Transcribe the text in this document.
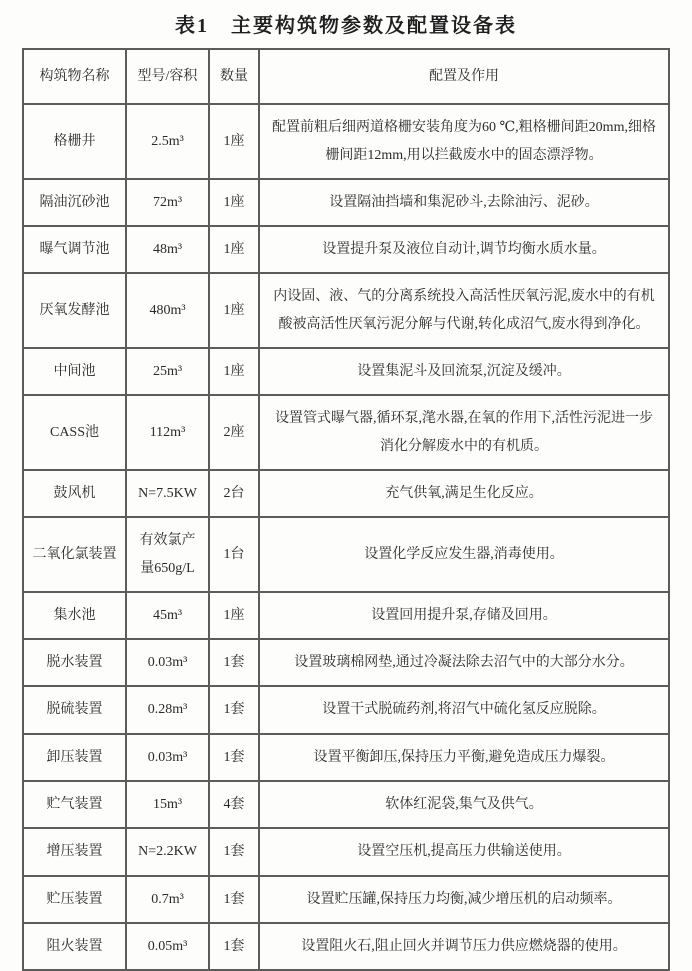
表1　主要构筑物参数及配置设备表
构筑物名称	型号/容积	数量	配置及作用
格栅井	2.5m³	1座	配置前粗后细两道格栅安装角度为60 ℃,粗格栅间距20mm,细格栅间距12mm,用以拦截废水中的固态漂浮物。
隔油沉砂池	72m³	1座	设置隔油挡墙和集泥砂斗,去除油污、泥砂。
曝气调节池	48m³	1座	设置提升泵及液位自动计,调节均衡水质水量。
厌氧发酵池	480m³	1座	内设固、液、气的分离系统投入高活性厌氧污泥,废水中的有机酸被高活性厌氧污泥分解与代谢,转化成沼气,废水得到净化。
中间池	25m³	1座	设置集泥斗及回流泵,沉淀及缓冲。
CASS池	112m³	2座	设置管式曝气器,循环泵,滗水器,在氧的作用下,活性污泥进一步消化分解废水中的有机质。
鼓风机	N=7.5KW	2台	充气供氧,满足生化反应。
二氧化氯装置	有效氯产量650g/L	1台	设置化学反应发生器,消毒使用。
集水池	45m³	1座	设置回用提升泵,存储及回用。
脱水装置	0.03m³	1套	设置玻璃棉网垫,通过冷凝法除去沼气中的大部分水分。
脱硫装置	0.28m³	1套	设置干式脱硫药剂,将沼气中硫化氢反应脱除。
卸压装置	0.03m³	1套	设置平衡卸压,保持压力平衡,避免造成压力爆裂。
贮气装置	15m³	4套	软体红泥袋,集气及供气。
增压装置	N=2.2KW	1套	设置空压机,提高压力供输送使用。
贮压装置	0.7m³	1套	设置贮压罐,保持压力均衡,减少增压机的启动频率。
阻火装置	0.05m³	1套	设置阻火石,阻止回火并调节压力供应燃烧器的使用。
